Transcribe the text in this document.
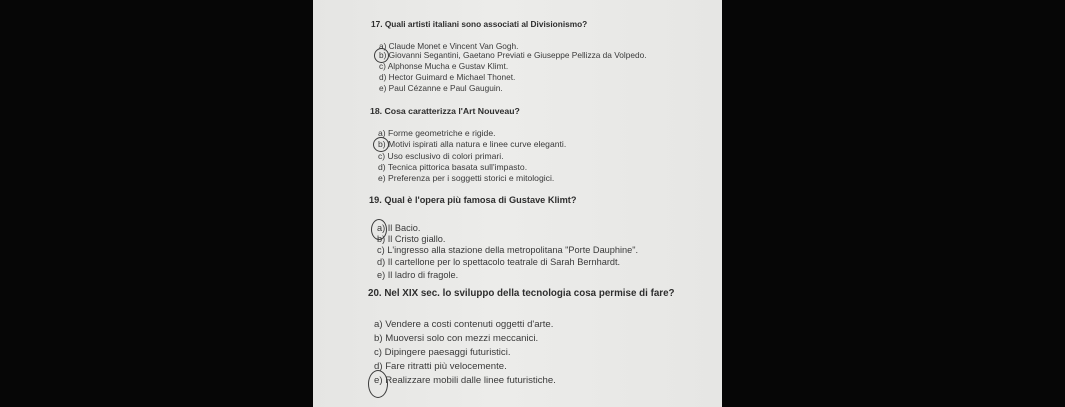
17. Quali artisti italiani sono associati al Divisionismo?
a) Claude Monet e Vincent Van Gogh.
b) Giovanni Segantini, Gaetano Previati e Giuseppe Pellizza da Volpedo.
c) Alphonse Mucha e Gustav Klimt.
d) Hector Guimard e Michael Thonet.
e) Paul Cézanne e Paul Gauguin.
18. Cosa caratterizza l'Art Nouveau?
a) Forme geometriche e rigide.
b) Motivi ispirati alla natura e linee curve eleganti.
c) Uso esclusivo di colori primari.
d) Tecnica pittorica basata sull'impasto.
e) Preferenza per i soggetti storici e mitologici.
19. Qual è l'opera più famosa di Gustave Klimt?
a) Il Bacio.
b) Il Cristo giallo.
c) L'ingresso alla stazione della metropolitana "Porte Dauphine".
d) Il cartellone per lo spettacolo teatrale di Sarah Bernhardt.
e) Il ladro di fragole.
20. Nel XIX sec. lo sviluppo della tecnologia cosa permise di fare?
a) Vendere a costi contenuti oggetti d'arte.
b) Muoversi solo con mezzi meccanici.
c) Dipingere paesaggi futuristici.
d) Fare ritratti più velocemente.
e) Realizzare mobili dalle linee futuristiche.
